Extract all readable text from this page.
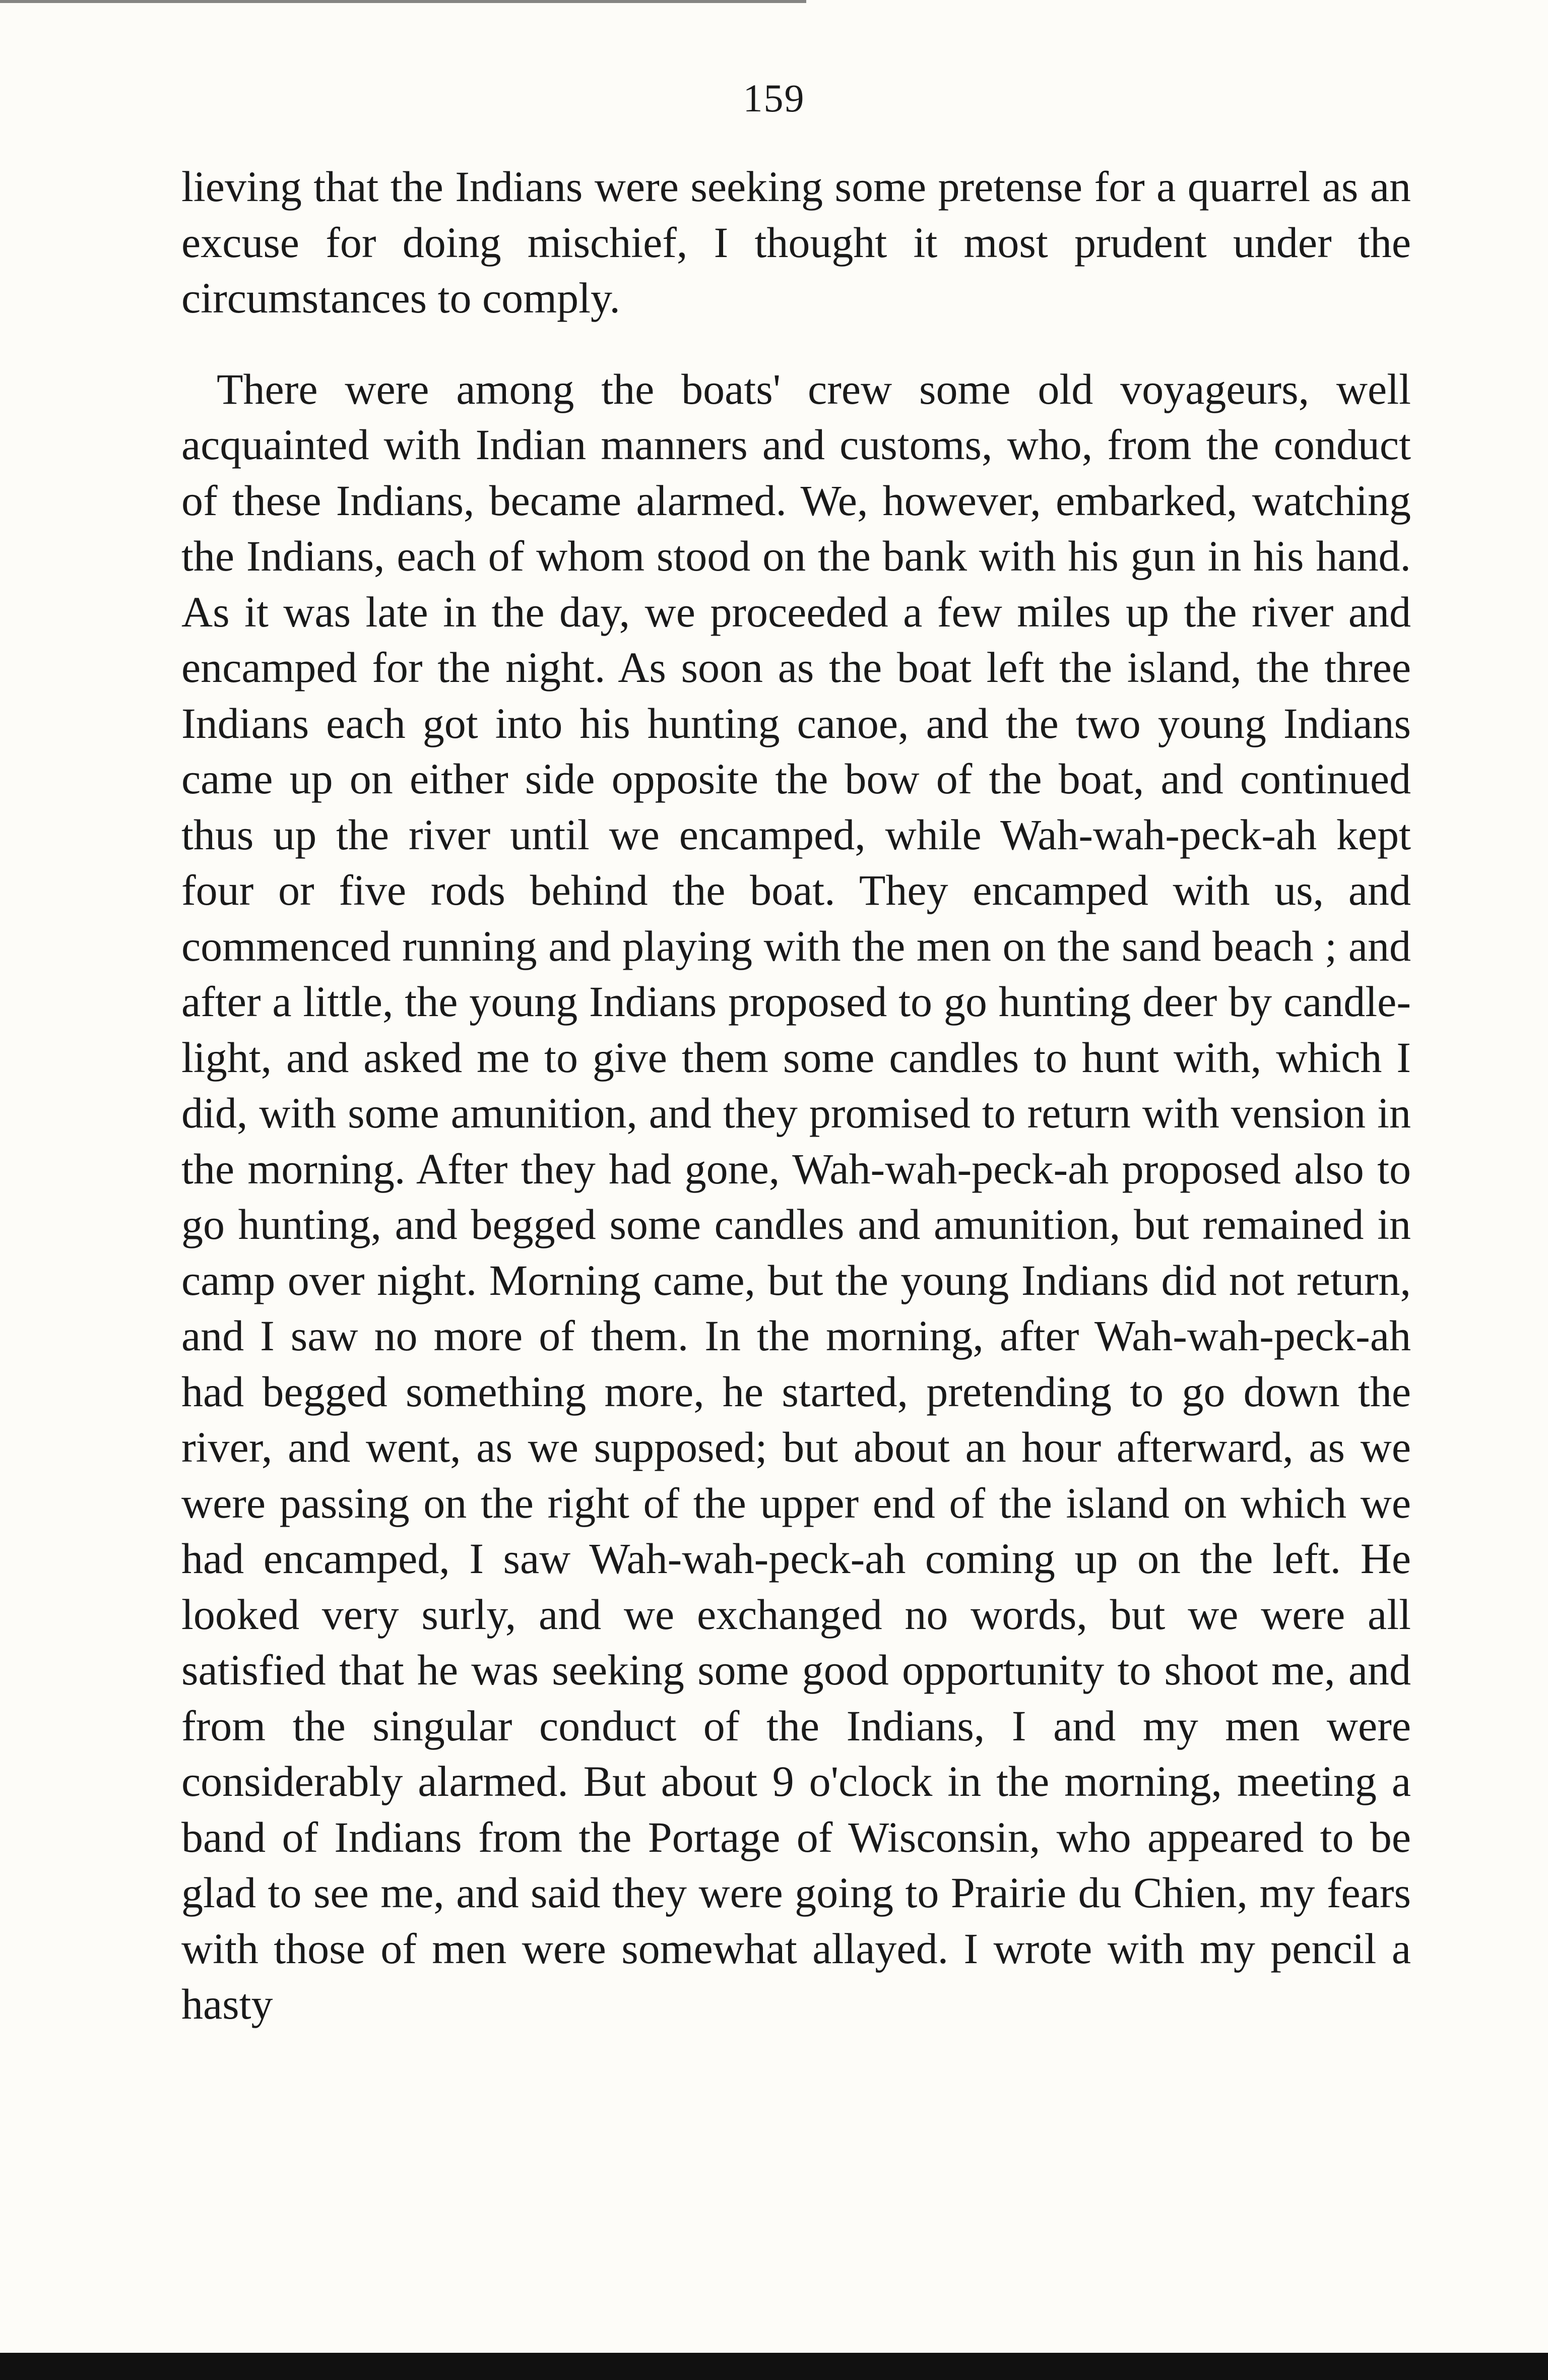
159

lieving that the Indians were seeking some pretense for a quarrel as an excuse for doing mischief, I thought it most prudent under the circumstances to comply.

There were among the boats' crew some old voyageurs, well acquainted with Indian manners and customs, who, from the conduct of these Indians, became alarmed. We, however, embarked, watching the Indians, each of whom stood on the bank with his gun in his hand. As it was late in the day, we proceeded a few miles up the river and encamped for the night. As soon as the boat left the island, the three Indians each got into his hunting canoe, and the two young Indians came up on either side opposite the bow of the boat, and continued thus up the river until we encamped, while Wah-wah-peck-ah kept four or five rods behind the boat. They encamped with us, and commenced running and playing with the men on the sand beach ; and after a little, the young Indians proposed to go hunting deer by candle-light, and asked me to give them some candles to hunt with, which I did, with some amunition, and they promised to return with vension in the morning. After they had gone, Wah-wah-peck-ah proposed also to go hunting, and begged some candles and amunition, but remained in camp over night. Morning came, but the young Indians did not return, and I saw no more of them. In the morning, after Wah-wah-peck-ah had begged something more, he started, pretending to go down the river, and went, as we supposed; but about an hour afterward, as we were passing on the right of the upper end of the island on which we had encamped, I saw Wah-wah-peck-ah coming up on the left. He looked very surly, and we exchanged no words, but we were all satisfied that he was seeking some good opportunity to shoot me, and from the singular conduct of the Indians, I and my men were considerably alarmed. But about 9 o'clock in the morning, meeting a band of Indians from the Portage of Wisconsin, who appeared to be glad to see me, and said they were going to Prairie du Chien, my fears with those of men were somewhat allayed. I wrote with my pencil a hasty
